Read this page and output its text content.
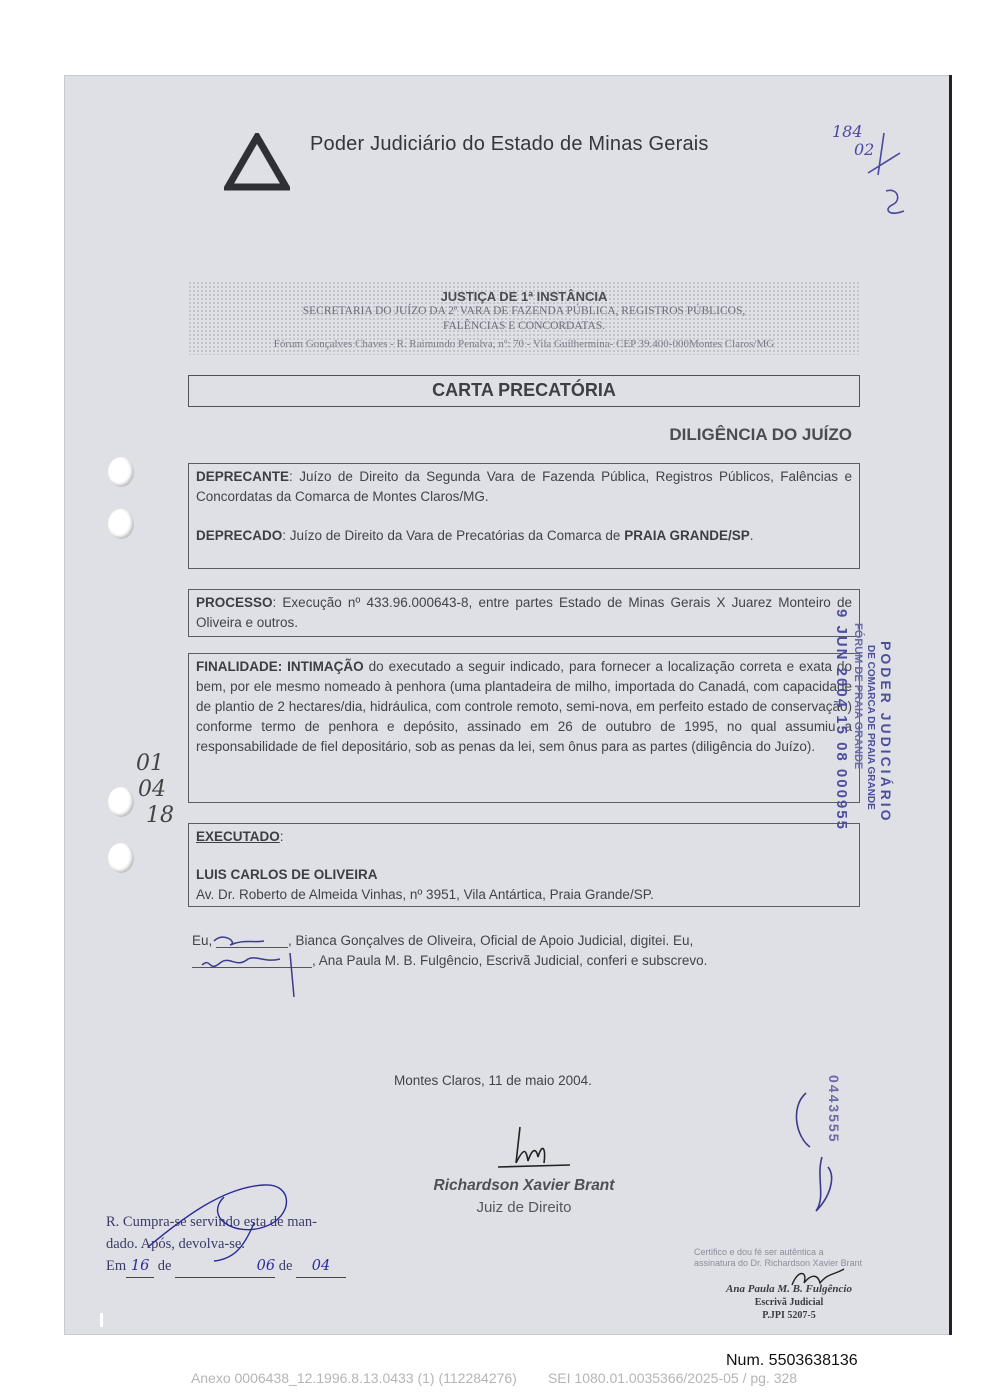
Poder Judiciário do Estado de Minas Gerais
184
02
JUSTIÇA DE 1ª INSTÂNCIA
SECRETARIA DO JUÍZO DA 2ª VARA DE FAZENDA PÚBLICA, REGISTROS PÚBLICOS,
FALÊNCIAS E CONCORDATAS.
Fórum Gonçalves Chaves - R. Raimundo Penalva, nº: 70 - Vila Guilhermina- CEP 39.400-000Montes Claros/MG
CARTA PRECATÓRIA
DILIGÊNCIA DO JUÍZO

DEPRECANTE: Juízo de Direito da Segunda Vara de Fazenda Pública, Registros Públicos, Falências e Concordatas da Comarca de Montes Claros/MG.

DEPRECADO: Juízo de Direito da Vara de Precatórias da Comarca de PRAIA GRANDE/SP.

PROCESSO: Execução nº 433.96.000643-8, entre partes Estado de Minas Gerais X Juarez Monteiro de Oliveira e outros.

FINALIDADE: INTIMAÇÃO do executado a seguir indicado, para fornecer a localização correta e exata do bem, por ele mesmo nomeado à penhora (uma plantadeira de milho, importada do Canadá, com capacidade de plantio de 2 hectares/dia, hidráulica, com controle remoto, semi-nova, em perfeito estado de conservação) conforme termo de penhora e depósito, assinado em 26 de outubro de 1995, no qual assumiu a responsabilidade de fiel depositário, sob as penas da lei, sem ônus para as partes (diligência do Juízo).

EXECUTADO:

LUIS CARLOS DE OLIVEIRA

Av. Dr. Roberto de Almeida Vinhas, nº 3951, Vila Antártica, Praia Grande/SP.

Eu,	, Bianca Gonçalves de Oliveira, Oficial de Apoio Judicial, digitei. Eu,

, Ana Paula M. B. Fulgêncio, Escrivã Judicial, conferi e subscrevo.

Montes Claros, 11 de maio 2004.
Richardson Xavier Brant
Juiz de Direito
01
04
18

R. Cumpra-se servindo esta de man-

dado. Após, devolva-se.

Em 16 de	06 de 04

Certifico e dou fé ser autêntica a assinatura do Dr. Richardson Xavier Brant
Ana Paula M. B. Fulgêncio
Escrivã Judicial
P.JPI 5207-5
FÓRUM DE PRAIA GRANDE
9 JUN 2004 15 08 000955 PODER JUDICIÁRIO
DE COMARCA DE PRAIA GRANDE
0443555
Num. 5503638136
Anexo 0006438_12.1996.8.13.0433 (1) (112284276)        SEI 1080.01.0035366/2025-05 / pg. 328
